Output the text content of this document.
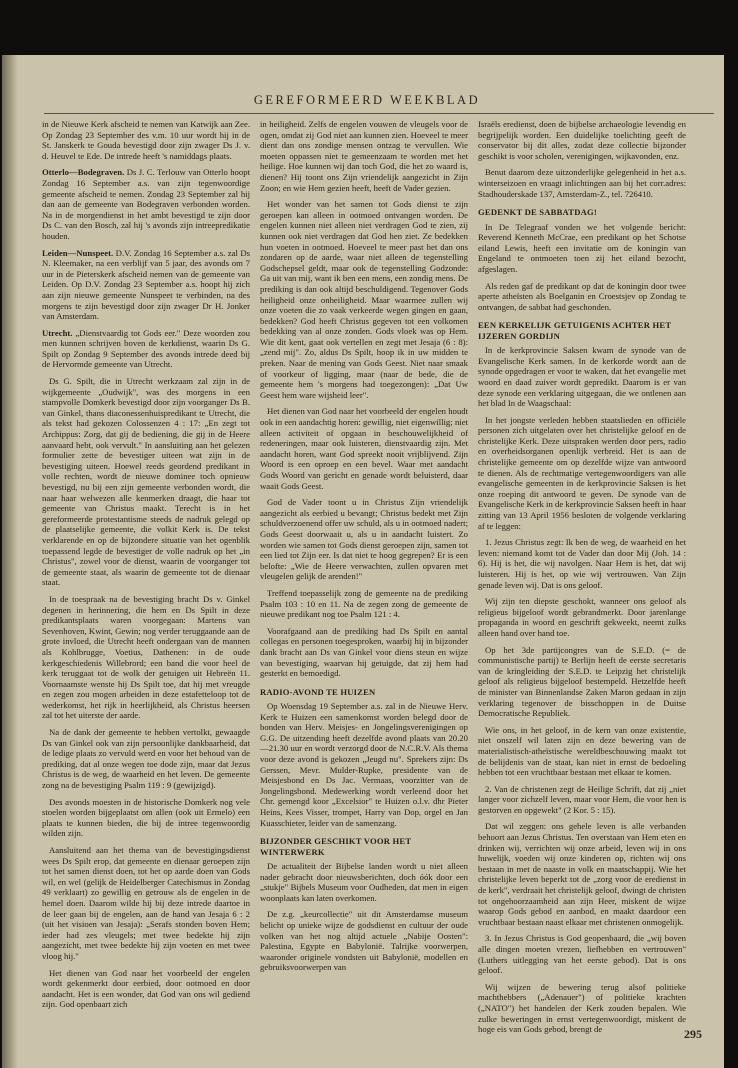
GEREFORMEERD WEEKBLAD

in de Nieuwe Kerk afscheid te nemen van Katwijk aan Zee. Op Zondag 23 September des v.m. 10 uur wordt hij in de St. Janskerk te Gouda bevestigd door zijn zwager Ds J. v. d. Heuvel te Ede. De intrede heeft 's namiddags plaats.

Otterlo—Bodegraven. Ds J. C. Terlouw van Otterlo hoopt Zondag 16 September a.s. van zijn tegenwoordige gemeente afscheid te nemen. Zondag 23 September zal hij dan aan de gemeente van Bodegraven verbonden worden. Na in de morgendienst in het ambt bevestigd te zijn door Ds C. van den Bosch, zal hij 's avonds zijn intreepredikatie houden.

Leiden—Nunspeet. D.V. Zondag 16 September a.s. zal Ds N. Kleemaker, na een verblijf van 5 jaar, des avonds om 7 uur in de Pieterskerk afscheid nemen van de gemeente van Leiden. Op D.V. Zondag 23 September a.s. hoopt hij zich aan zijn nieuwe gemeente Nunspeet te verbinden, na des morgens te zijn bevestigd door zijn zwager Dr H. Jonker van Amsterdam.

Utrecht. „Dienstvaardig tot Gods eer." Deze woorden zou men kunnen schrijven boven de kerkdienst, waarin Ds G. Spilt op Zondag 9 September des avonds intrede deed bij de Hervormde gemeente van Utrecht.

Ds G. Spilt, die in Utrecht werkzaam zal zijn in de wijkgemeente „Oudwijk", was des morgens in een stampvolle Domkerk bevestigd door zijn voorganger Ds B. van Ginkel, thans diaconessenhuispredikant te Utrecht, die als tekst had gekozen Colossenzen 4 : 17: „En zegt tot Archippus: Zorg, dat gij de bediening, die gij in de Heere aanvaard hebt, ook vervult." In aansluiting aan het gelezen formulier zette de bevestiger uiteen wat zijn in de bevestiging uiteen. Hoewel reeds geordend predikant in volle rechten, wordt de nieuwe dominee toch opnieuw bevestigd, nu bij een zijn gemeente verbonden wordt, die naar haar welwezen alle kenmerken draagt, die haar tot gemeente van Christus maakt. Terecht is in het gereformeerde protestantisme steeds de nadruk gelegd op de plaatselijke gemeente, die volkit Kerk is. De tekst verklarende en op de bijzondere situatie van het ogenblik toepassend legde de bevestiger de volle nadruk op het „in Christus", zowel voor de dienst, waarin de voorganger tot de gemeente staat, als waarin de gemeente tot de dienaar staat.

In de toespraak na de bevestiging bracht Ds v. Ginkel degenen in herinnering, die hem en Ds Spilt in deze predikantsplaats waren voorgegaan: Martens van Sevenhoven, Kwint, Gewin; nog verder teruggaande aan de grote invloed, die Utrecht heeft ondergaan van de mannen als Kohlbrugge, Voetius, Dathenen: in de oude kerkgeschiedenis Willebrord; een band die voor heel de kerk teruggaat tot de wolk der getuigen uit Hebreën 11. Voornaamste wenste hij Ds Spilt toe, dat hij met vreugde en zegen zou mogen arbeiden in deze estafetteloop tot de wederkomst, het rijk in heerlijkheid, als Christus heersen zal tot het uiterste der aarde.

Na de dank der gemeente te hebben vertolkt, gewaagde Ds van Ginkel ook van zijn persoonlijke dankbaarheid, dat de ledige plaats zo vervuld werd en voor het behoud van de prediking, dat al onze wegen toe dode zijn, maar dat Jezus Christus is de weg, de waarheid en het leven. De gemeente zong na de bevestiging Psalm 119 : 9 (gewijzigd).

Des avonds moesten in de historische Domkerk nog vele stoelen worden bijgeplaatst om allen (ook uit Ermelo) een plaats te kunnen bieden, die bij de intree tegenwoordig wilden zijn.

Aansluitend aan het thema van de bevestigingsdienst wees Ds Spilt erop, dat gemeente en dienaar geroepen zijn tot het samen dienst doen, tot het op aarde doen van Gods wil, en wel (gelijk de Heidelberger Catechismus in Zondag 49 verklaart) zo gewillig en getrouw als de engelen in de hemel doen. Daarom wilde hij bij deze intrede daartoe in de leer gaan bij de engelen, aan de hand van Jesaja 6 : 2 (uit het visioen van Jesaja): „Serafs stonden boven Hem; ieder had zes vleugels; met twee bedekte hij zijn aangezicht, met twee bedekte hij zijn voeten en met twee vloog hij."

Het dienen van God naar het voorbeeld der engelen wordt gekenmerkt door eerbied, door ootmoed en door aandacht. Het is een wonder, dat God van ons wil gediend zijn. God openbaart zich

in heiligheid. Zelfs de engelen vouwen de vleugels voor de ogen, omdat zij God niet aan kunnen zien. Hoeveel te meer dient dan ons zondige mensen ontzag te vervullen. Wie moeten oppassen niet te gemeenzaam te worden met het heilige. Hoe kunnen wij dan toch God, die het zo waard is, dienen? Hij toont ons Zijn vriendelijk aangezicht in Zijn Zoon; en wie Hem gezien heeft, heeft de Vader gezien.

Het wonder van het samen tot Gods dienst te zijn geroepen kan alleen in ootmoed ontvangen worden. De engelen kunnen niet alleen niet verdragen God te zien, zij kunnen ook niet verdragen dat God hen ziet. Ze bedekken hun voeten in ootmoed. Hoeveel te meer past het dan ons zondaren op de aarde, waar niet alleen de tegenstelling Godschepsel geldt, maar ook de tegenstelling Godzonde: Ga uit van mij, want ik ben een mens, een zondig mens. De prediking is dan ook altijd beschuldigend. Tegenover Gods heiligheid onze onheiligheid. Maar waarmee zullen wij onze voeten die zo vaak verkeerde wegen gingen en gaan, bedekken? God heeft Christus gegeven tot een volkomen bedekking van al onze zonden. Gods vloek was op Hem. Wie dit kent, gaat ook vertellen en zegt met Jesaja (6 : 8): „zend mij". Zo, aldus Ds Spilt, hoop ik in uw midden te preken. Naar de mening van Gods Geest. Niet naar smaak of voorkeur of ligging, maar (naar de bede, die de gemeente hem 's morgens had toegezongen): „Dat Uw Geest hem ware wijsheid leer".

Het dienen van God naar het voorbeeld der engelen houdt ook in een aandachtig horen: gewillig, niet eigenwillig; niet alleen activiteit of opgaan in beschouwelijkheid of redeneringen, maar ook luisteren, dienstvaardig zijn. Met aandacht horen, want God spreekt nooit vrijblijvend. Zijn Woord is een oproep en een bevel. Waar met aandacht Gods Woord van gericht en genade wordt beluisterd, daar waait Gods Geest.

God de Vader toont u in Christus Zijn vriendelijk aangezicht als eerbied u bevangt; Christus bedekt met Zijn schuldverzoenend offer uw schuld, als u in ootmoed nadert; Gods Geest doorwaait u, als u in aandacht luistert. Zo worden wie samen tot Gods dienst geroepen zijn, samen tot een lied tot Zijn eer. Is dat niet te hoog gegrepen? Er is een belofte: „Wie de Heere verwachten, zullen opvaren met vleugelen gelijk de arenden!"

Treffend toepasselijk zong de gemeente na de prediking Psalm 103 : 10 en 11. Na de zegen zong de gemeente de nieuwe predikant nog toe Psalm 121 : 4.

Voorafgaand aan de prediking had Ds Spilt en aantal collegas en personen toegesproken, waarbij hij in bijzonder dank bracht aan Ds van Ginkel voor diens steun en wijze van bevestiging, waarvan hij getuigde, dat zij hem had gesterkt en bemoedigd.

RADIO-AVOND TE HUIZEN

Op Woensdag 19 September a.s. zal in de Nieuwe Herv. Kerk te Huizen een samenkomst worden belegd door de bonden van Herv. Meisjes- en Jongelingsverenigingen op G.G. De uitzending heeft dezelfde avond plaats van 20.20—21.30 uur en wordt verzorgd door de N.C.R.V. Als thema voor deze avond is gekozen „Jeugd nu". Sprekers zijn: Ds Gerssen, Mevr. Mulder-Rupke, presidente van de Meisjesbond en Ds Jac. Vermaas, voorzitter van de Jongelingsbond. Medewerking wordt verleend door het Chr. gemengd koor „Excelsior" te Huizen o.l.v. dhr Pieter Heins, Kees Visser, trompet, Harry van Dop, orgel en Jan Kuasschieter, leider van de samenzang.

BIJZONDER GESCHIKT VOOR HET WINTERWERK

De actualiteit der Bijbelse landen wordt u niet alleen nader gebracht door nieuwsberichten, doch óók door een „stukje" Bijbels Museum voor Oudheden, dat men in eigen woonplaats kan laten overkomen.

De z.g. „keurcollectie" uit dit Amsterdamse museum belicht op unieke wijze de godsdienst en cultuur der oude volken van het nog altijd actuele „Nabije Oosten": Palestina, Egypte en Babylonië. Talrijke voorwerpen, waaronder originele vondsten uit Babylonië, modellen en gebruiksvoorwerpen van

Israëls eredienst, doen de bijbelse archaeologie levendig en begrijpelijk worden. Een duidelijke toelichting geeft de conservator bij dit alles, zodat deze collectie bijzonder geschikt is voor scholen, verenigingen, wijkavonden, enz.

Benut daarom deze uitzonderlijke gelegenheid in het a.s. winterseizoen en vraagt inlichtingen aan bij het corr.adres: Stadhouderskade 137, Amsterdam-Z., tel. 726410.

GEDENKT DE SABBATDAG!

In De Telegraaf vonden we het volgende bericht: Reverend Kenneth McCrae, een predikant op het Schotse eiland Lewis, heeft een invitatie om de koningin van Engeland te ontmoeten toen zij het eiland bezocht, afgeslagen.

Als reden gaf de predikant op dat de koningin door twee aperte atheïsten als Boelganin en Croestsjev op Zondag te ontvangen, de sabbat had geschonden.

EEN KERKELIJK GETUIGENIS ACHTER HET IJZEREN GORDIJN

In de kerkprovincie Saksen kwam de synode van de Evangelische Kerk samen. In de kerkorde wordt aan de synode opgedragen er voor te waken, dat het evangelie met woord en daad zuiver wordt gepredikt. Daarom is er van deze synode een verklaring uitgegaan, die we ontlenen aan het blad In de Waagschaal:

In het jongste verleden hebben staatslieden en officiële personen zich uitgelaten over het christelijke geloof en de christelijke Kerk. Deze uitspraken werden door pers, radio en overheidsorganen openlijk verbreid. Het is aan de christelijke gemeente om op dezelfde wijze van antwoord te dienen. Als de rechtmatige vertegenwoordigers van alle evangelische gemeenten in de kerkprovincie Saksen is het onze roeping dit antwoord te geven. De synode van de Evangelische Kerk in de kerkprovincie Saksen heeft in haar zitting van 13 April 1956 besloten de volgende verklaring af te leggen:

1. Jezus Christus zegt: Ik ben de weg, de waarheid en het leven: niemand komt tot de Vader dan door Mij (Joh. 14 : 6). Hij is het, die wij navolgen. Naar Hem is het, dat wij luisteren. Hij is het, op wie wij vertrouwen. Van Zijn genade leven wij. Dat is ons geloof.

Wij zijn ten diepste geschokt, wanneer ons geloof als religieus bijgeloof wordt gebrandmerkt. Door jarenlange propaganda in woord en geschrift gekweekt, neemt zulks alleen hand over hand toe.

Op het 3de partijcongres van de S.E.D. (= de communistische partij) te Berlijn heeft de eerste secretaris van de kringleiding der S.E.D. te Leipzig het christelijk geloof als religieus bijgeloof bestempeld. Hetzelfde heeft de minister van Binnenlandse Zaken Maron gedaan in zijn verklaring tegenover de bisschoppen in de Duitse Democratische Republiek.

Wie ons, in het geloof, in de kern van onze existentie, niet onszelf wil laten zijn en deze bewering van de materialistisch-atheïstische wereldbeschouwing maakt tot de belijdenis van de staat, kan niet in ernst de bedoeling hebben tot een vruchtbaar bestaan met elkaar te komen.

2. Van de christenen zegt de Heilige Schrift, dat zij „niet langer voor zichzelf leven, maar voor Hem, die voor hen is gestorven en opgewekt" (2 Kor. 5 : 15).

Dat wil zeggen: ons gehele leven is alle verbanden behoort aan Jezus Christus. Ten overstaan van Hem eten en drinken wij, verrichten wij onze arbeid, leven wij in ons huwelijk, voeden wij onze kinderen op, richten wij ons bestaan in met de naaste in volk en maatschappij. Wie het christelijke leven beperkt tot de „zorg voor de eredienst in de kerk", verdraait het christelijk geloof, dwingt de christen tot ongehoorzaamheid aan zijn Heer, miskent de wijze waarop Gods gebod en aanbod, en maakt daardoor een vruchtbaar bestaan naast elkaar met christenen onmogelijk.

3. In Jezus Christus is God geopenbaard, die „wij boven alle dingen moeten vrezen, liefhebben en vertrouwen" (Luthers uitlegging van het eerste gebod). Dat is ons geloof.

Wij wijzen de bewering terug alsof politieke machthebbers („Adenauer") of politieke krachten („NATO") het handelen der Kerk zouden bepalen. Wie zulke beweringen in ernst vertegenwoordigt, miskent de hoge eis van Gods gebod, brengt de	295
